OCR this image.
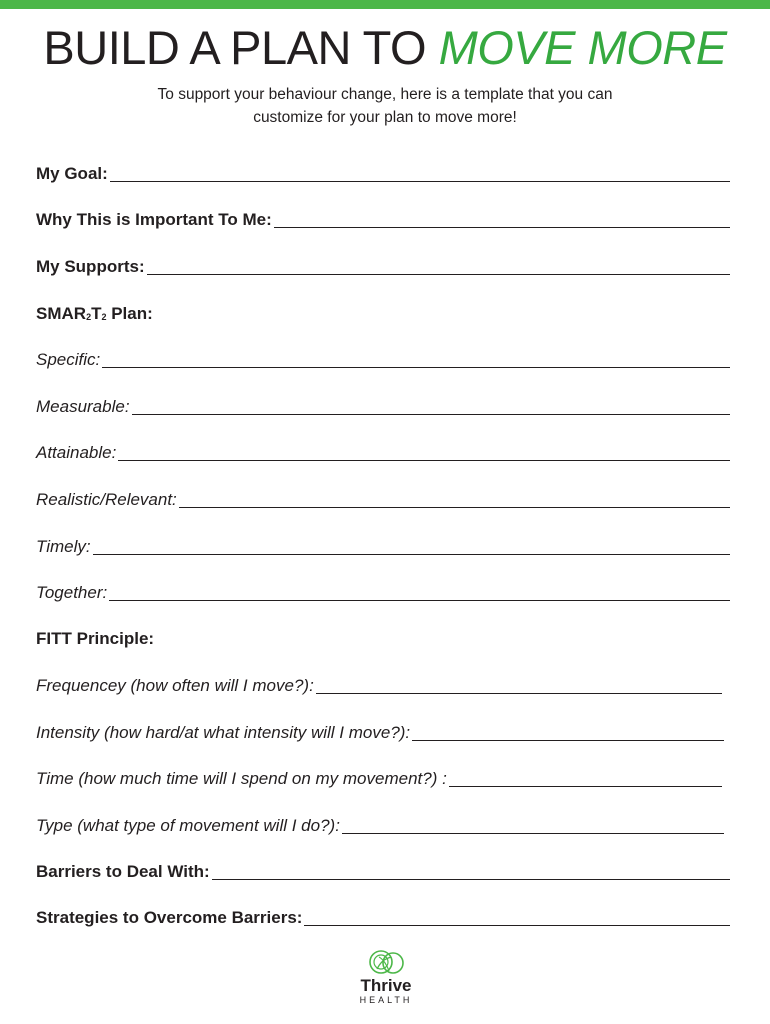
BUILD A PLAN TO MOVE MORE
To support your behaviour change, here is a template that you can
customize for your plan to move more!
My Goal:
Why This is Important To Me:
My Supports:
$SMAR_2T_2$ Plan:
Specific:
Measurable:
Attainable:
Realistic/Relevant:
Timely:
Together:
FITT Principle:
Frequencey (how often will I move?):
Intensity (how hard/at what intensity will I move?):
Time (how much time will I spend on my movement?) :
Type (what type of movement will I do?):
Barriers to Deal With:
Strategies to Overcome Barriers:
Thrive
HEALTH
